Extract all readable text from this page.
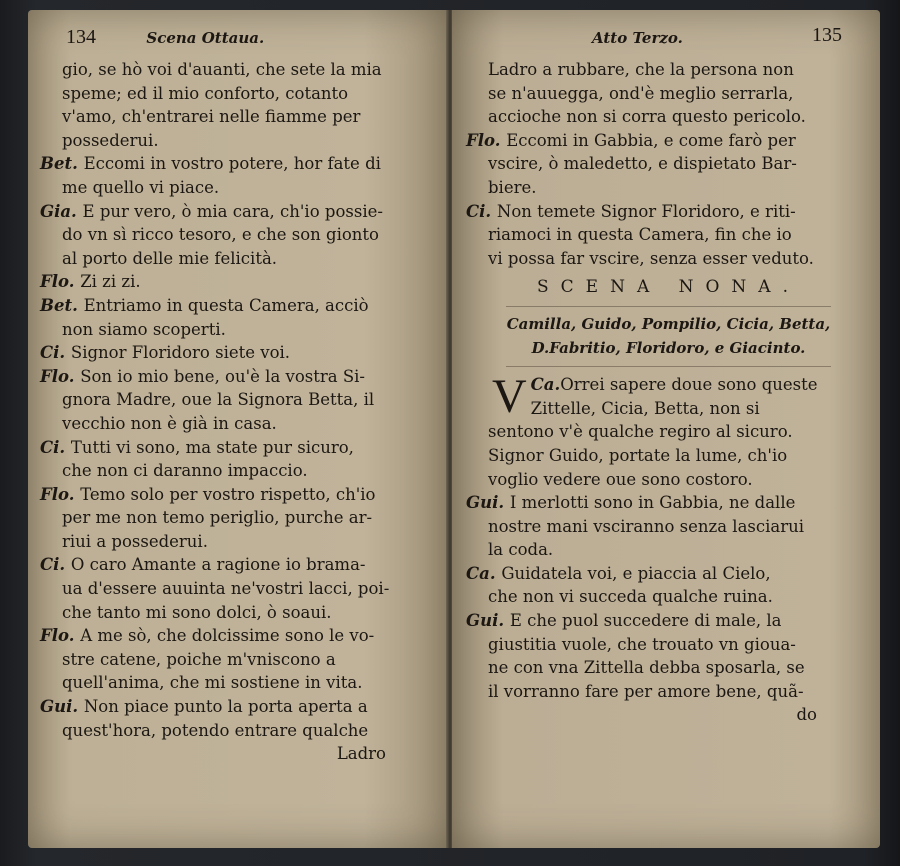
134	Scena Ottaua.
gio, se hò voi d'auanti, che sete la mia
speme; ed il mio conforto, cotanto
v'amo, ch'entrarei nelle fiamme per
possederui.
Bet. Eccomi in vostro potere, hor fate di
me quello vi piace.
Gia. E pur vero, ò mia cara, ch'io possie-
do vn sì ricco tesoro, e che son gionto
al porto delle mie felicità.
Flo. Zi zi zi.
Bet. Entriamo in questa Camera, acciò
non siamo scoperti.
Ci. Signor Floridoro siete voi.
Flo. Son io mio bene, ou'è la vostra Si-
gnora Madre, oue la Signora Betta, il
vecchio non è già in casa.
Ci. Tutti vi sono, ma state pur sicuro,
che non ci daranno impaccio.
Flo. Temo solo per vostro rispetto, ch'io
per me non temo periglio, purche ar-
riui a possederui.
Ci. O caro Amante a ragione io brama-
ua d'essere auuinta ne'vostri lacci, poi-
che tanto mi sono dolci, ò soaui.
Flo. A me sò, che dolcissime sono le vo-
stre catene, poiche m'vniscono a
quell'anima, che mi sostiene in vita.
Gui. Non piace punto la porta aperta a
quest'hora, potendo entrare qualche
Ladro
Atto Terzo.	135
Ladro a rubbare, che la persona non
se n'auuegga, ond'è meglio serrarla,
accioche non si corra questo pericolo.
Flo. Eccomi in Gabbia, e come farò per
vscire, ò maledetto, e dispietato Bar-
biere.
Ci. Non temete Signor Floridoro, e riti-
riamoci in questa Camera, fin che io
vi possa far vscire, senza esser veduto.
SCENA NONA.
Camilla, Guido, Pompilio, Cicia, Betta,
D.Fabritio, Floridoro, e Giacinto.
Ca.
V Orrei sapere doue sono queste
Zittelle, Cicia, Betta, non si
sentono v'è qualche regiro al sicuro.
Signor Guido, portate la lume, ch'io
voglio vedere oue sono costoro.
Gui. I merlotti sono in Gabbia, ne dalle
nostre mani vsciranno senza lasciarui
la coda.
Ca. Guidatela voi, e piaccia al Cielo,
che non vi succeda qualche ruina.
Gui. E che puol succedere di male, la
giustitia vuole, che trouato vn gioua-
ne con vna Zittella debba sposarla, se
il vorranno fare per amore bene, quã-
do
